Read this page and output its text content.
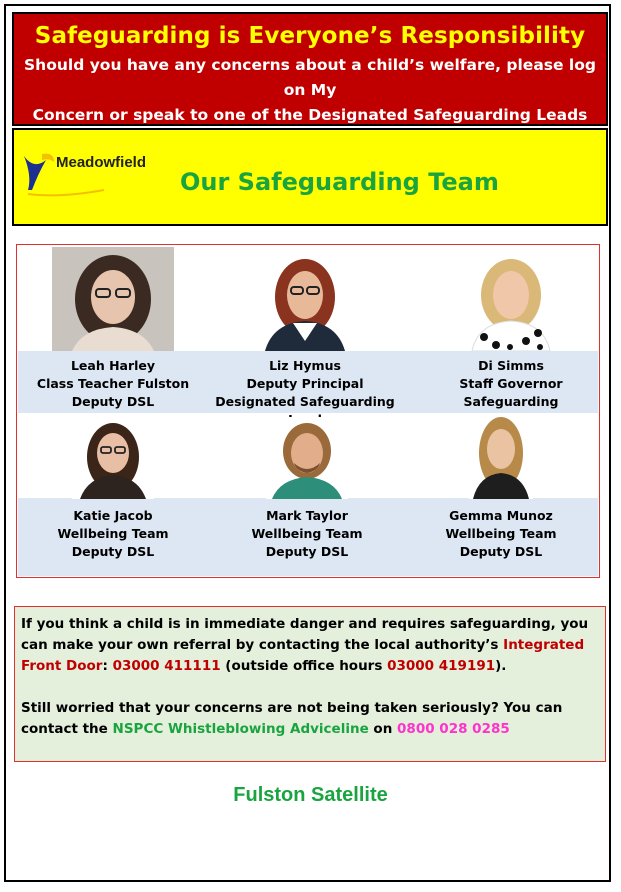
Safeguarding is Everyone’s Responsibility

Should you have any concerns about a child’s welfare, please log on My
Concern or speak to one of the Designated Safeguarding Leads

Meadowfield
Our Safeguarding Team
Leah Harley
Class Teacher Fulston
Deputy DSL
Liz Hymus
Deputy Principal
Designated Safeguarding
Di Simms
Staff Governor
Safeguarding
Katie Jacob
Wellbeing Team
Deputy DSL
Mark Taylor
Wellbeing Team
Deputy DSL
Gemma Munoz
Wellbeing Team
Deputy DSL

If you think a child is in immediate danger and requires safeguarding, you can make your own referral by contacting the local authority’s Integrated Front Door: 03000 411111 (outside office hours 03000 419191).

Still worried that your concerns are not being taken seriously? You can contact the NSPCC Whistleblowing Adviceline on 0800 028 0285

Fulston Satellite
